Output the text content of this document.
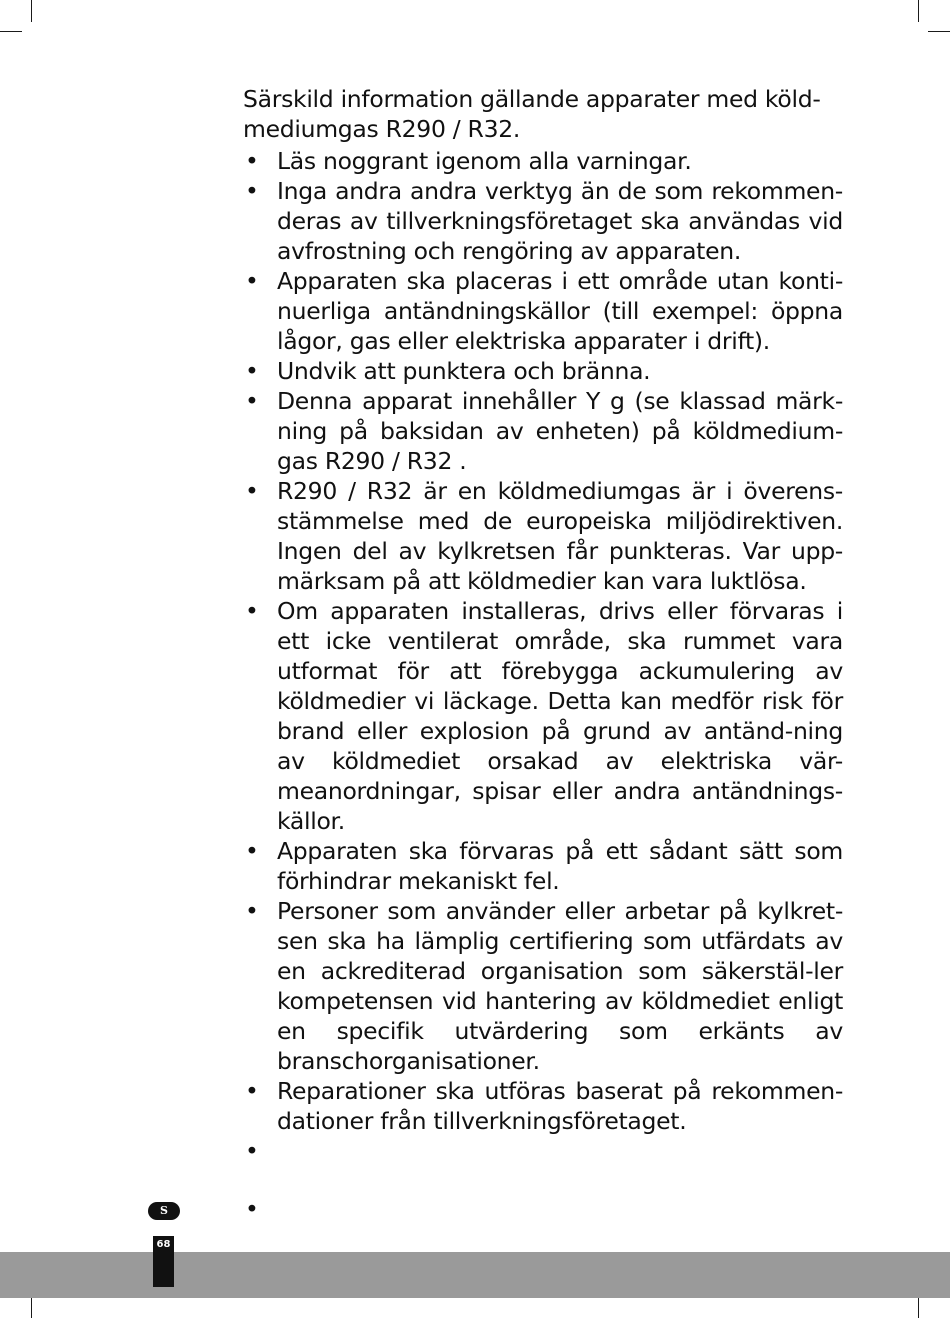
Särskild information gällande apparater med köld-mediumgas R290 / R32.

• Läs noggrant igenom alla varningar.
• Inga andra andra verktyg än de som rekommen-deras av tillverkningsföretaget ska användas vid avfrostning och rengöring av apparaten.
• Apparaten ska placeras i ett område utan konti-nuerliga antändningskällor (till exempel: öppna lågor, gas eller elektriska apparater i drift).
• Undvik att punktera och bränna.
• Denna apparat innehåller Y g (se klassad märk-ning på baksidan av enheten) på köldmedium-gas R290 / R32 .
• R290 / R32 är en köldmediumgas är i överens-stämmelse med de europeiska miljödirektiven. Ingen del av kylkretsen får punkteras. Var upp-märksam på att köldmedier kan vara luktlösa.
• Om apparaten installeras, drivs eller förvaras i ett icke ventilerat område, ska rummet vara utformat för att förebygga ackumulering av köldmedier vi läckage. Detta kan medför risk för brand eller explosion på grund av antänd-ning av köldmediet orsakad av elektriska vär-meanordningar, spisar eller andra antändnings-källor.
• Apparaten ska förvaras på ett sådant sätt som förhindrar mekaniskt fel.
• Personer som använder eller arbetar på kylkret-sen ska ha lämplig certifiering som utfärdats av en ackrediterad organisation som säkerstäl-ler kompetensen vid hantering av köldmediet enligt en specifik utvärdering som erkänts av branschorganisationer.
• Reparationer ska utföras baserat på rekommen-dationer från tillverkningsföretaget.
•
•
S
68
